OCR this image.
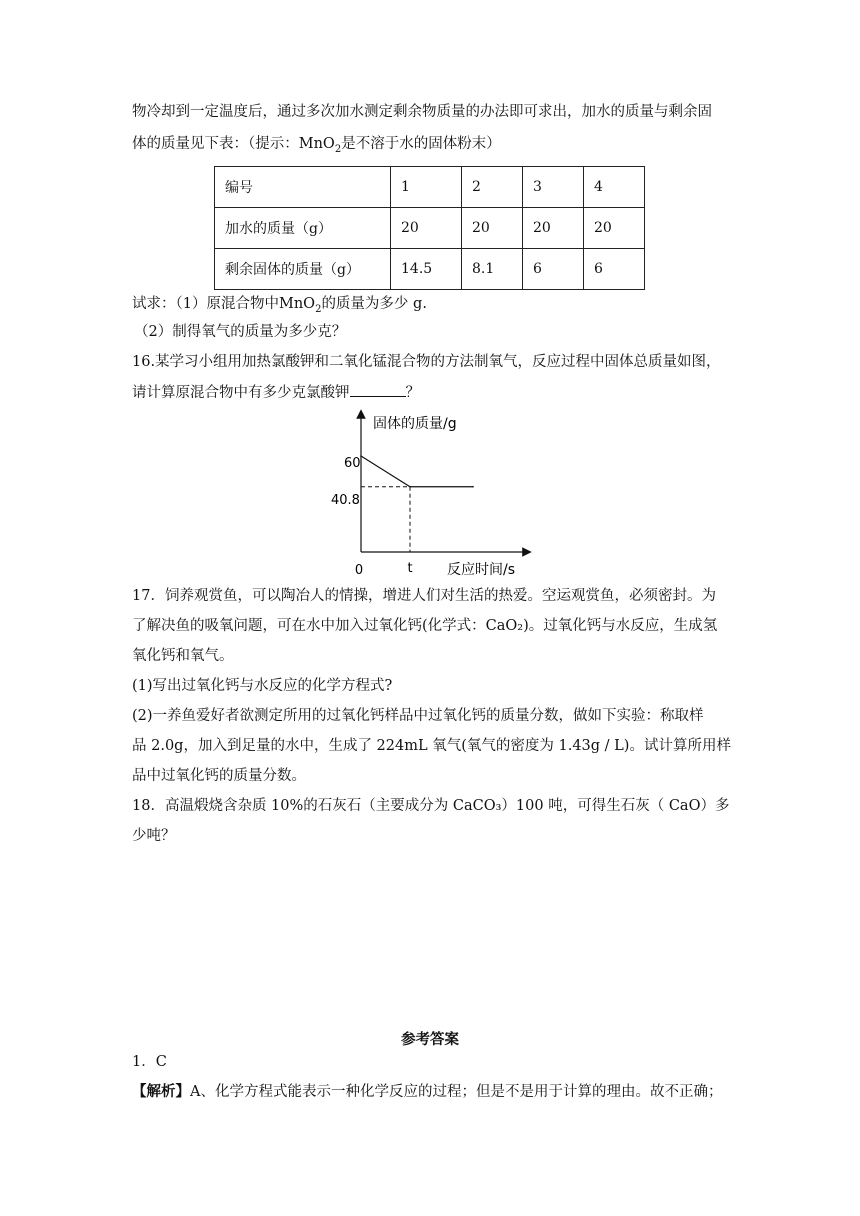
物冷却到一定温度后，通过多次加水测定剩余物质量的办法即可求出，加水的质量与剩余固
体的质量见下表：（提示：MnO$_2$是不溶于水的固体粉末）
编号	1	2	3	4
加水的质量（g）	20	20	20	20
剩余固体的质量（g）	14.5	8.1	6	6
试求：（1）原混合物中MnO$_2$的质量为多少 g.
（2）制得氧气的质量为多少克？
16.某学习小组用加热氯酸钾和二氧化锰混合物的方法制氧气，反应过程中固体总质量如图，
请计算原混合物中有多少克氯酸钾	？
固体的质量/g
反应时间/s
0	t
60
40.8
17．饲养观赏鱼，可以陶冶人的情操，增进人们对生活的热爱。空运观赏鱼，必须密封。为
了解决鱼的吸氧问题，可在水中加入过氧化钙(化学式：CaO₂)。过氧化钙与水反应，生成氢
氧化钙和氧气。
(1)写出过氧化钙与水反应的化学方程式?
(2)一养鱼爱好者欲测定所用的过氧化钙样品中过氧化钙的质量分数，做如下实验：称取样
品 2.0g，加入到足量的水中，生成了 224mL 氧气(氧气的密度为 1.43g / L)。试计算所用样
品中过氧化钙的质量分数。
18．高温煅烧含杂质 10%的石灰石（主要成分为 CaCO₃）100 吨，可得生石灰（ CaO）多
少吨？
参考答案
1．C
【解析】A、化学方程式能表示一种化学反应的过程；但是不是用于计算的理由。故不正确；
